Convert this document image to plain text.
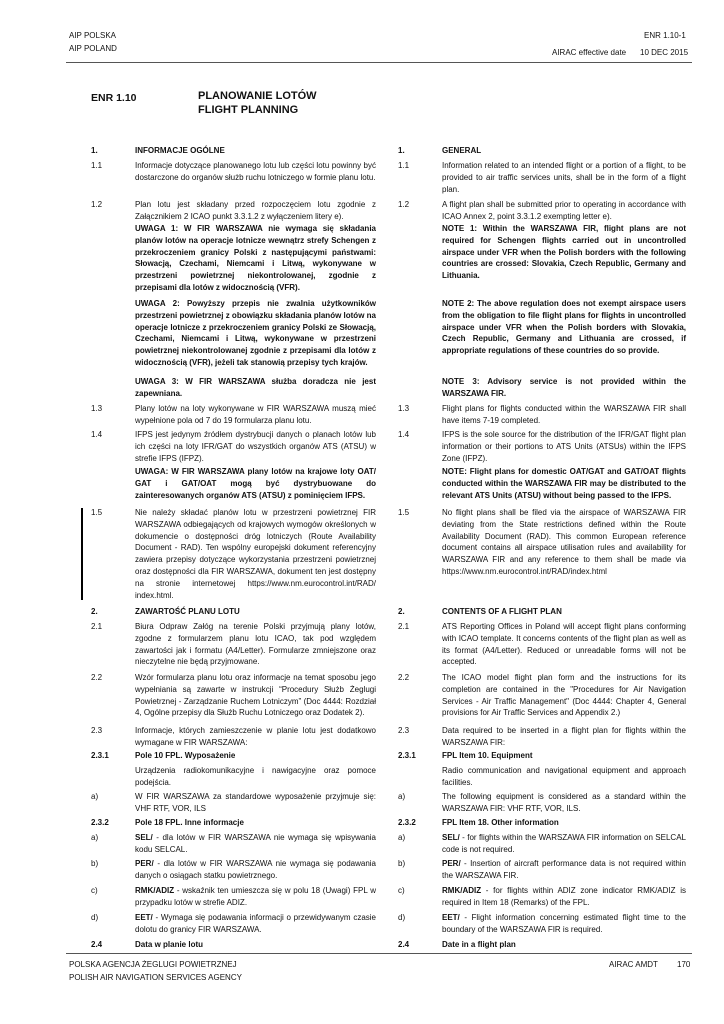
AIP POLSKA
AIP POLAND
ENR 1.10-1
AIRAC effective date 10 DEC 2015
ENR 1.10	PLANOWANIE LOTÓW
FLIGHT PLANNING
1.	INFORMACJE OGÓLNE

1.1	Informacje dotyczące planowanego lotu lub części lotu powinny być dostarczone do organów służb ruchu lotniczego w formie planu lotu.

1.2	Plan lotu jest składany przed rozpoczęciem lotu zgodnie z Załącznikiem 2 ICAO punkt 3.3.1.2 z wyłączeniem litery e).

UWAGA 1: W FIR WARSZAWA nie wymaga się składania planów lotów na operacje lotnicze wewnątrz strefy Schengen z przekroczeniem granicy Polski z następującymi państwami: Słowacją, Czechami, Niemcami i Litwą, wykonywane w przestrzeni powietrznej niekontrolowanej, zgodnie z przepisami dla lotów z widocznością (VFR).

UWAGA 2: Powyższy przepis nie zwalnia użytkowników przestrzeni powietrznej z obowiązku składania planów lotów na operacje lotnicze z przekroczeniem granicy Polski ze Słowacją, Czechami, Niemcami i Litwą, wykonywane w przestrzeni powietrznej niekontrolowanej zgodnie z przepisami dla lotów z widocznością (VFR), jeżeli tak stanowią przepisy tych krajów.

UWAGA 3: W FIR WARSZAWA służba doradcza nie jest zapewniana.

1.3	Plany lotów na loty wykonywane w FIR WARSZAWA muszą mieć wypełnione pola od 7 do 19 formularza planu lotu.

1.4	IFPS jest jedynym źródłem dystrybucji danych o planach lotów lub ich części na loty IFR/GAT do wszystkich organów ATS (ATSU) w strefie IFPS (IFPZ).

UWAGA: W FIR WARSZAWA plany lotów na krajowe loty OAT/ GAT i GAT/OAT mogą być dystrybuowane do zainteresowanych organów ATS (ATSU) z pominięciem IFPS.

1.5	Nie należy składać planów lotu w przestrzeni powietrznej FIR WARSZAWA odbiegających od krajowych wymogów określonych w dokumencie o dostępności dróg lotniczych (Route Availability Document - RAD). Ten wspólny europejski dokument referencyjny zawiera przepisy dotyczące wykorzystania przestrzeni powietrznej oraz dostępności dla FIR WARSZAWA, dokument ten jest dostępny na stronie internetowej https://www.nm.eurocontrol.int/RAD/ index.html.

2.	ZAWARTOŚĆ PLANU LOTU

2.1	Biura Odpraw Załóg na terenie Polski przyjmują plany lotów, zgodne z formularzem planu lotu ICAO, tak pod względem zawartości jak i formatu (A4/Letter). Formularze zmniejszone oraz nieczytelne nie będą przyjmowane.

2.2	Wzór formularza planu lotu oraz informacje na temat sposobu jego wypełniania są zawarte w instrukcji “Procedury Służb Żeglugi Powietrznej - Zarządzanie Ruchem Lotniczym” (Doc 4444: Rozdział 4, Ogólne przepisy dla Służb Ruchu Lotniczego oraz Dodatek 2).

2.3	Informacje, których zamieszczenie w planie lotu jest dodatkowo wymagane w FIR WARSZAWA:

2.3.1	Pole 10 FPL. Wyposażenie

Urządzenia radiokomunikacyjne i nawigacyjne oraz pomoce podejścia.

a)	W FIR WARSZAWA za standardowe wyposażenie przyjmuje się: VHF RTF, VOR, ILS

2.3.2	Pole 18 FPL. Inne informacje

a)	SEL/ - dla lotów w FIR WARSZAWA nie wymaga się wpisywania kodu SELCAL.

b)	PER/ - dla lotów w FIR WARSZAWA nie wymaga się podawania danych o osiągach statku powietrznego.

c)	RMK/ADIZ - wskaźnik ten umieszcza się w polu 18 (Uwagi) FPL w przypadku lotów w strefie ADIZ.

d)	EET/ - Wymaga się podawania informacji o przewidywanym czasie dolotu do granicy FIR WARSZAWA.

2.4	Data w planie lotu

1.	GENERAL

1.1	Information related to an intended flight or a portion of a flight, to be provided to air traffic services units, shall be in the form of a flight plan.

1.2	A flight plan shall be submitted prior to operating in accordance with ICAO Annex 2, point 3.3.1.2 exempting letter e).

NOTE 1: Within the WARSZAWA FIR, flight plans are not required for Schengen flights carried out in uncontrolled airspace under VFR when the Polish borders with the following countries are crossed: Slovakia, Czech Republic, Germany and Lithuania.

NOTE 2: The above regulation does not exempt airspace users from the obligation to file flight plans for flights in uncontrolled airspace under VFR when the Polish borders with Slovakia, Czech Republic, Germany and Lithuania are crossed, if appropriate regulations of these countries do so provide.

NOTE 3: Advisory service is not provided within the WARSZAWA FIR.

1.3	Flight plans for flights conducted within the WARSZAWA FIR shall have items 7-19 completed.

1.4	IFPS is the sole source for the distribution of the IFR/GAT flight plan information or their portions to ATS Units (ATSUs) within the IFPS Zone (IFPZ).

NOTE: Flight plans for domestic OAT/GAT and GAT/OAT flights conducted within the WARSZAWA FIR may be distributed to the relevant ATS Units (ATSU) without being passed to the IFPS.

1.5	No flight plans shall be filed via the airspace of WARSZAWA FIR deviating from the State restrictions defined within the Route Availability Document (RAD). This common European reference document contains all airspace utilisation rules and availability for WARSZAWA FIR and any reference to them shall be made via https://www.nm.eurocontrol.int/RAD/index.html

2.	CONTENTS OF A FLIGHT PLAN

2.1	ATS Reporting Offices in Poland will accept flight plans conforming with ICAO template. It concerns contents of the flight plan as well as its format (A4/Letter). Reduced or unreadable forms will not be accepted.

2.2	The ICAO model flight plan form and the instructions for its completion are contained in the "Procedures for Air Navigation Services - Air Traffic Management" (Doc 4444: Chapter 4, General provisions for Air Traffic Services and Appendix 2.)

2.3	Data required to be inserted in a flight plan for flights within the WARSZAWA FIR:

2.3.1	FPL Item 10. Equipment

Radio communication and navigational equipment and approach facilities.

a)	The following equipment is considered as a standard within the WARSZAWA FIR: VHF RTF, VOR, ILS.

2.3.2	FPL Item 18. Other information

a)	SEL/ - for flights within the WARSZAWA FIR information on SELCAL code is not required.

b)	PER/ - Insertion of aircraft performance data is not required within the WARSZAWA FIR.

c)	RMK/ADIZ - for flights within ADIZ zone indicator RMK/ADIZ is required in Item 18 (Remarks) of the FPL.

d)	EET/ - Flight information concerning estimated flight time to the boundary of the WARSZAWA FIR is required.

2.4	Date in a flight plan

POLSKA AGENCJA ŻEGLUGI POWIETRZNEJ
POLISH AIR NAVIGATION SERVICES AGENCY
AIRAC AMDT 170
